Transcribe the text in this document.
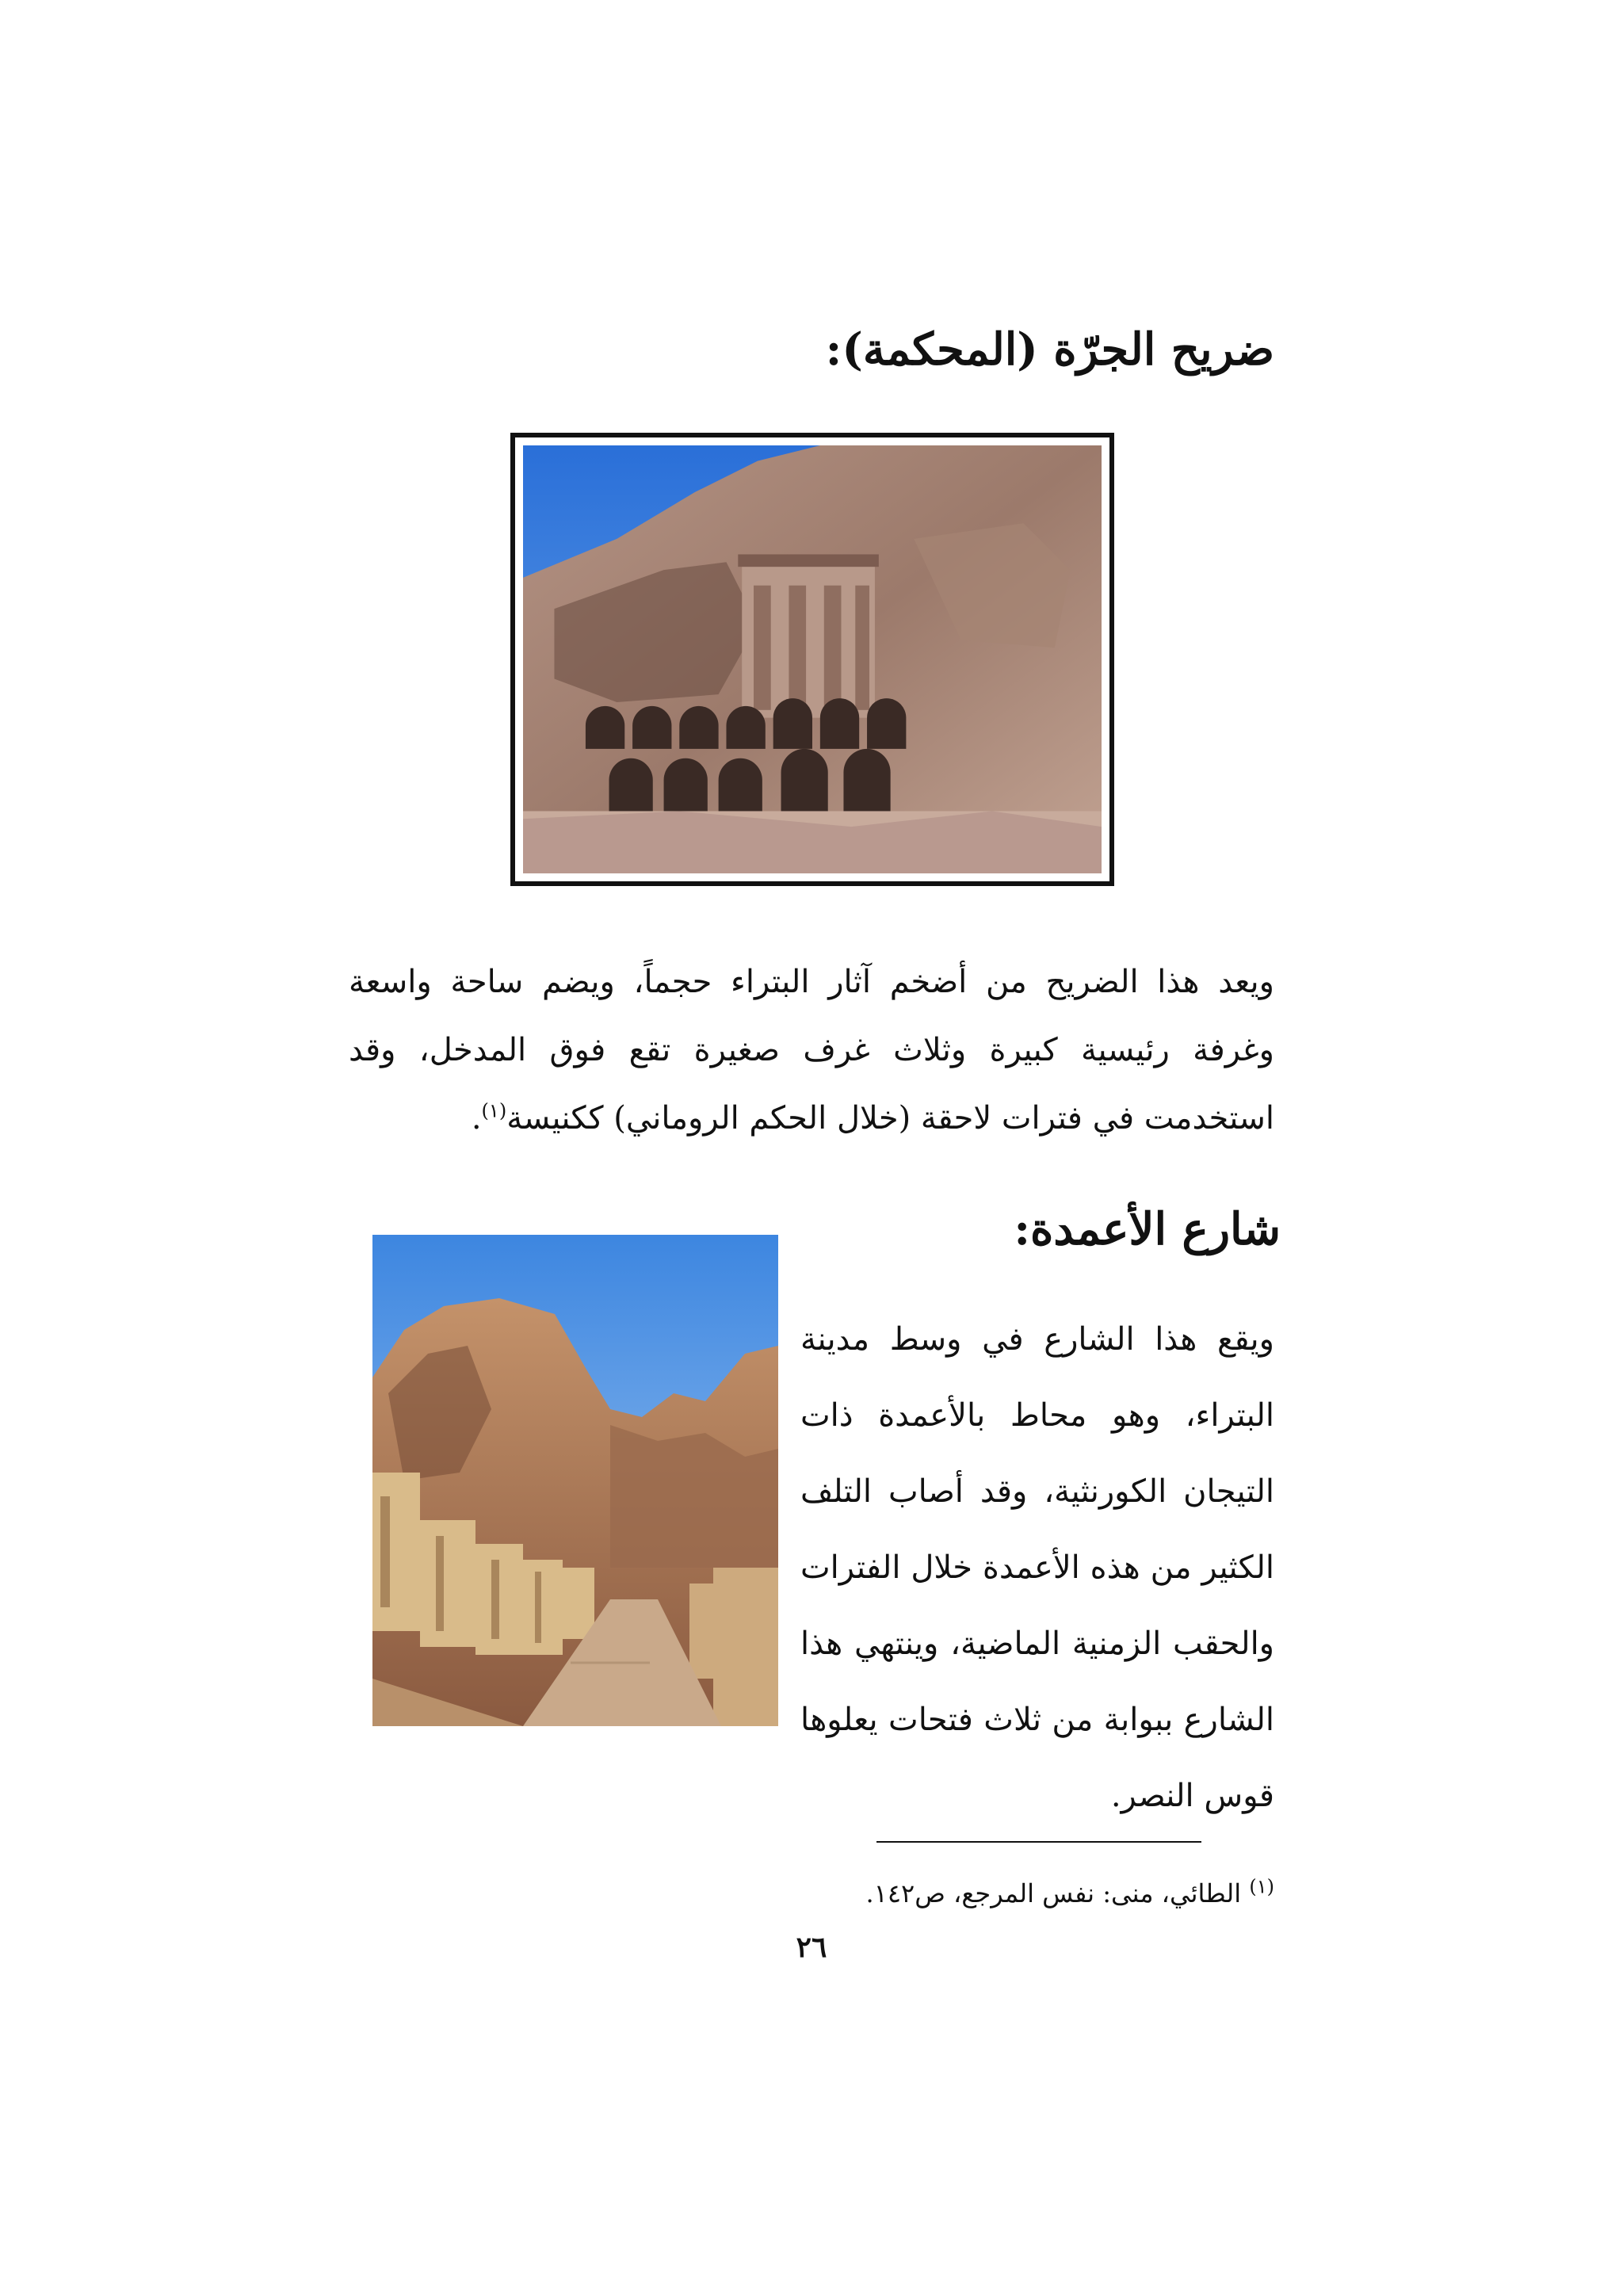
ضريح الجرّة (المحكمة):

ويعد هذا الضريح من أضخم آثار البتراء حجماً، ويضم ساحة واسعة وغرفة رئيسية كبيرة وثلاث غرف صغيرة تقع فوق المدخل، وقد استخدمت في فترات لاحقة (خلال الحكم الروماني) ككنيسة$^{(١)}$.

شارع الأعمدة:

ويقع هذا الشارع في وسط مدينة البتراء، وهو محاط بالأعمدة ذات التيجان الكورنثية، وقد أصاب التلف الكثير من هذه الأعمدة خلال الفترات والحقب الزمنية الماضية، وينتهي هذا الشارع ببوابة من ثلاث فتحات يعلوها قوس النصر.

$^{(١)}$ الطائي، منى: نفس المرجع، ص١٤٢.

٢٦
